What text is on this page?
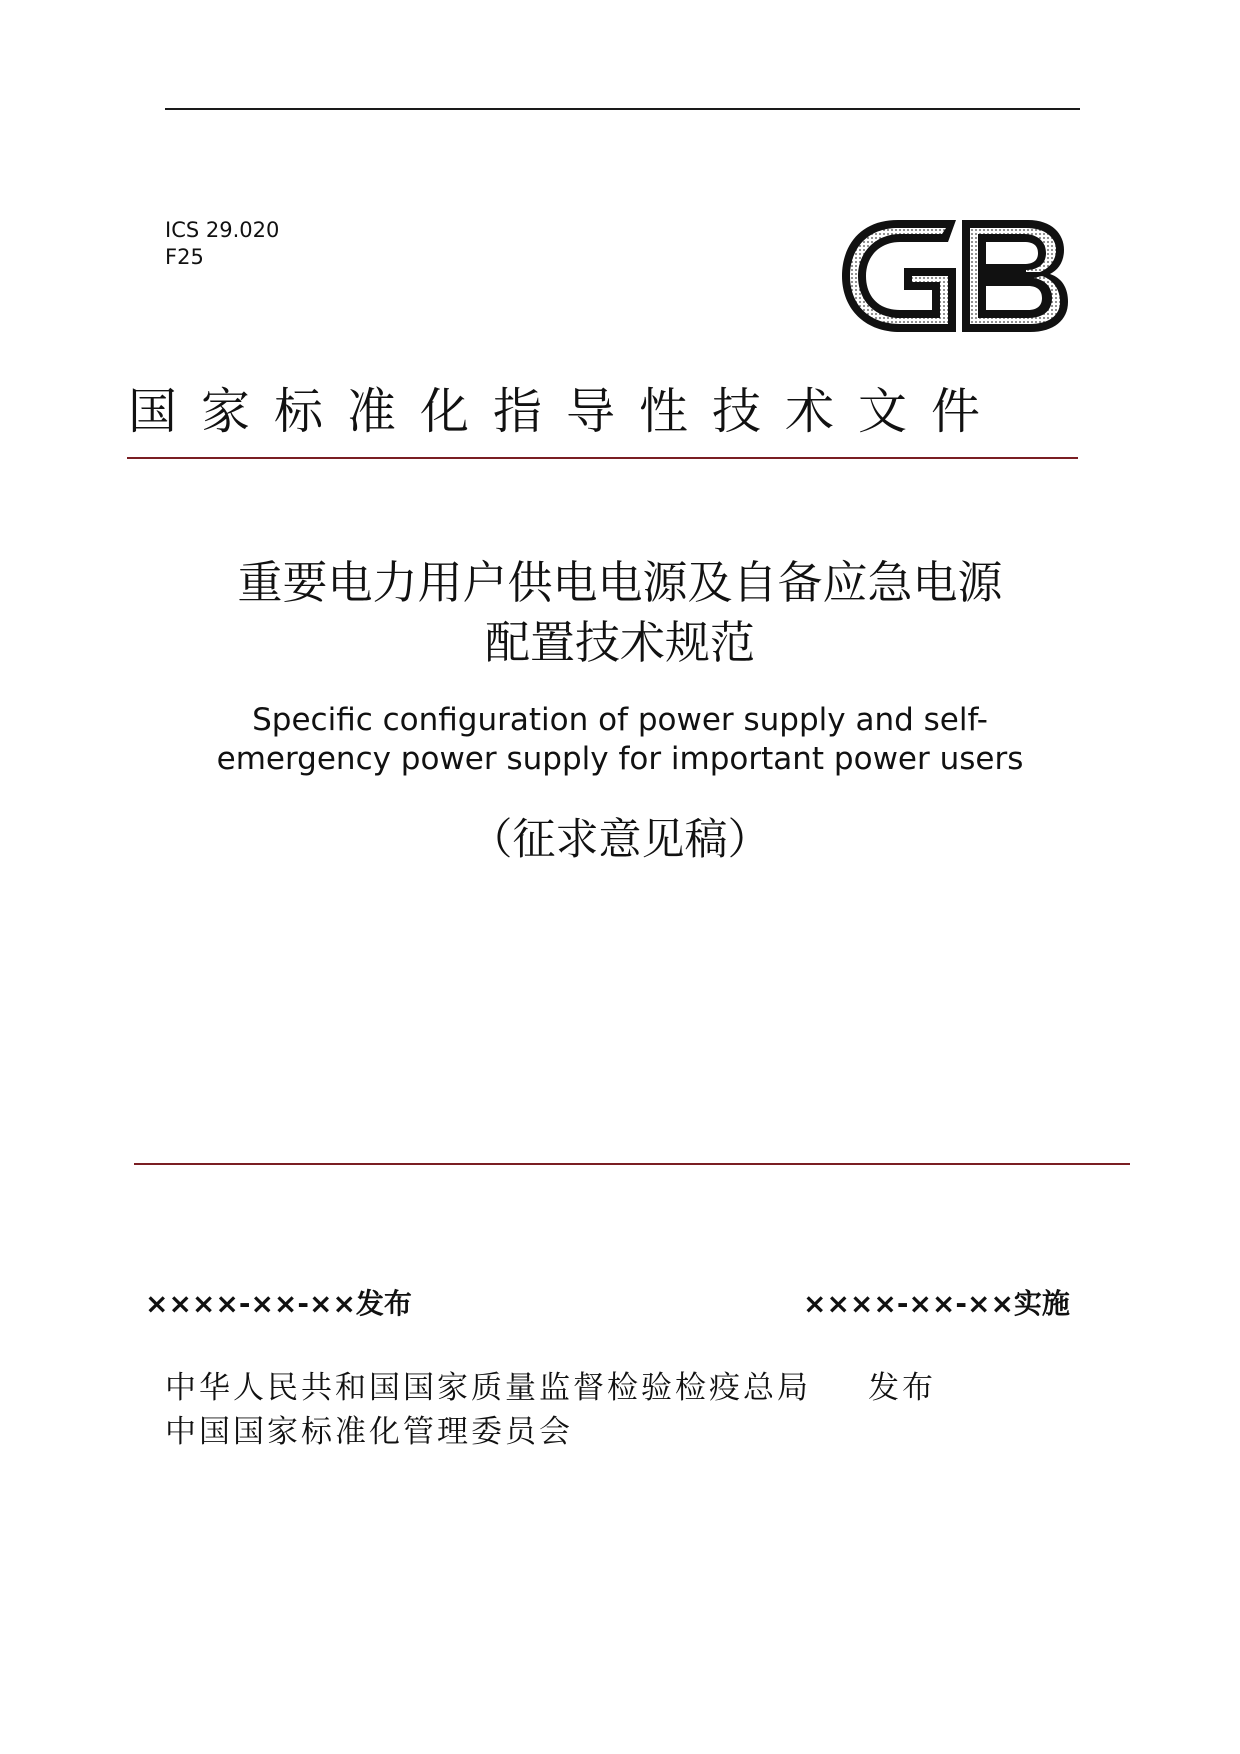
ICS 29.020
F25
国家标准化指导性技术文件
重要电力用户供电电源及自备应急电源
配置技术规范
Specific configuration of power supply and self-
emergency power supply for important power users
（征求意见稿）
××××-××-××发布	××××-××-××实施
中华人民共和国国家质量监督检验检疫总局
中国国家标准化管理委员会
发布
